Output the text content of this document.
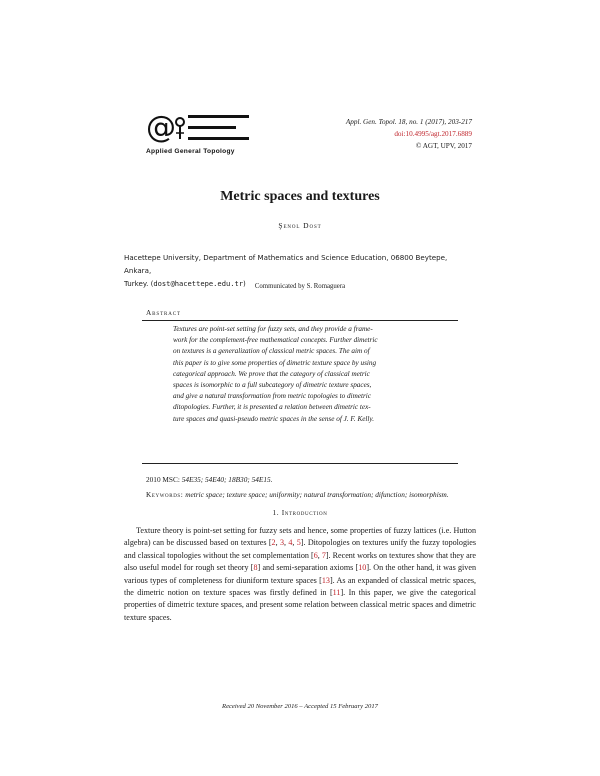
@
Applied General Topology
Appl. Gen. Topol. 18, no. 1 (2017), 203-217
doi:10.4995/agt.2017.6889
© AGT, UPV, 2017
Metric spaces and textures
Şenol Dost
Hacettepe University, Department of Mathematics and Science Education, 06800 Beytepe, Ankara,
Turkey. (dost@hacettepe.edu.tr)	Communicated by S. Romaguera
Abstract
Textures are point-set setting for fuzzy sets, and they provide a frame-
work for the complement-free mathematical concepts. Further dimetric
on textures is a generalization of classical metric spaces. The aim of
this paper is to give some properties of dimetric texture space by using
categorical approach. We prove that the category of classical metric
spaces is isomorphic to a full subcategory of dimetric texture spaces,
and give a natural transformation from metric topologies to dimetric
ditopologies. Further, it is presented a relation between dimetric tex-
ture spaces and quasi-pseudo metric spaces in the sense of J. F. Kelly.
2010 MSC: 54E35; 54E40; 18B30; 54E15.
Keywords: metric space; texture space; uniformity; natural transformation; difunction; isomorphism.
1. Introduction

Texture theory is point-set setting for fuzzy sets and hence, some properties of fuzzy lattices (i.e. Hutton algebra) can be discussed based on textures [2, 3, 4, 5]. Ditopologies on textures unify the fuzzy topologies and classical topologies without the set complementation [6, 7]. Recent works on textures show that they are also useful model for rough set theory [8] and semi-separation axioms [10]. On the other hand, it was given various types of completeness for diuniform texture spaces [13]. As an expanded of classical metric spaces, the dimetric notion on texture spaces was firstly defined in [11]. In this paper, we give the categorical properties of dimetric texture spaces, and present some relation between classical metric spaces and dimetric texture spaces.

Received 20 November 2016 – Accepted 15 February 2017
